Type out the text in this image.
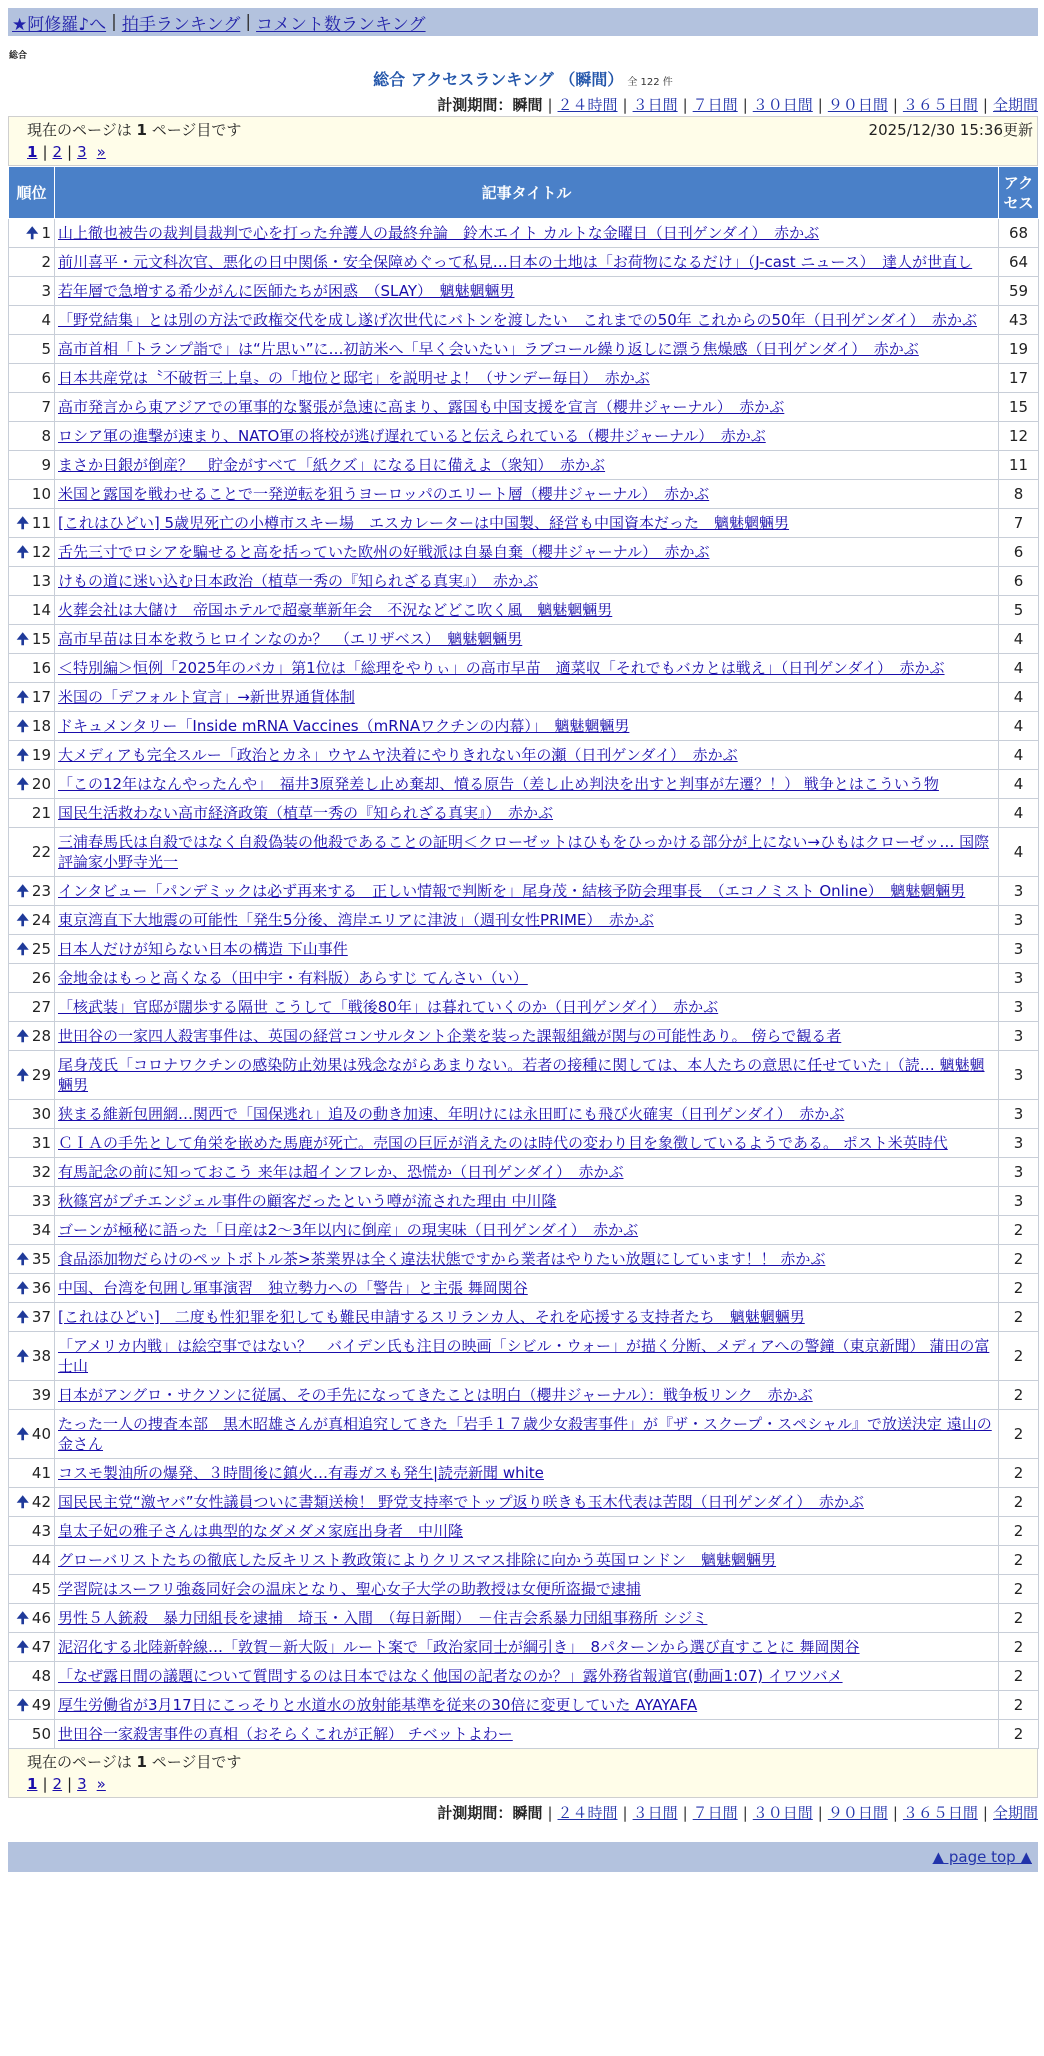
★阿修羅♪へ | 拍手ランキング | コメント数ランキング
総合
総合 アクセスランキング （瞬間） 全 122 件
計測期間：瞬間 | ２４時間 | ３日間 | ７日間 | ３０日間 | ９０日間 | ３６５日間 | 全期間
現在のページは 1 ページ目です	2025/12/30 15:36更新
1 | 2 | 3 »
順位	記事タイトル	アクセス
🠉 1	山上徹也被告の裁判員裁判で心を打った弁護人の最終弁論　鈴木エイト カルトな金曜日（日刊ゲンダイ）　赤かぶ	68
2	前川喜平・元文科次官、悪化の日中関係・安全保障めぐって私見…日本の土地は「お荷物になるだけ」（J-cast ニュース）　達人が世直し	64
3	若年層で急増する希少がんに医師たちが困惑　（SLAY）　魑魅魍魎男	59
4	「野党結集」とは別の方法で政権交代を成し遂げ次世代にバトンを渡したい　これまでの50年 これからの50年（日刊ゲンダイ）　赤かぶ	43
5	高市首相「トランプ詣で」は“片思い”に…初訪米へ「早く会いたい」ラブコール繰り返しに漂う焦燥感（日刊ゲンダイ）　赤かぶ	19
6	日本共産党は〝不破哲三上皇〟の「地位と邸宅」を説明せよ！（サンデー毎日）　赤かぶ	17
7	高市発言から東アジアでの軍事的な緊張が急速に高まり、露国も中国支援を宣言（櫻井ジャーナル）　赤かぶ	15
8	ロシア軍の進撃が速まり、NATO軍の将校が逃げ遅れていると伝えられている（櫻井ジャーナル）　赤かぶ	12
9	まさか日銀が倒産？　貯金がすべて「紙クズ」になる日に備えよ（衆知）　赤かぶ	11
10	米国と露国を戦わせることで一発逆転を狙うヨーロッパのエリート層（櫻井ジャーナル）　赤かぶ	8
🠉 11	[これはひどい] 5歳児死亡の小樽市スキー場　エスカレーターは中国製、経営も中国資本だった　魑魅魍魎男	7
🠉 12	舌先三寸でロシアを騙せると高を括っていた欧州の好戦派は自暴自棄（櫻井ジャーナル）　赤かぶ	6
13	けもの道に迷い込む日本政治（植草一秀の『知られざる真実』）　赤かぶ	6
14	火葬会社は大儲け　帝国ホテルで超豪華新年会　不況などどこ吹く風　魑魅魍魎男	5
🠉 15	高市早苗は日本を救うヒロインなのか？　（エリザベス）　魑魅魍魎男	4
16	＜特別編＞恒例「2025年のバカ」第1位は「総理をやりぃ」の高市早苗　適菜収「それでもバカとは戦え」（日刊ゲンダイ）　赤かぶ	4
🠉 17	米国の「デフォルト宣言」→新世界通貨体制	4
🠉 18	ドキュメンタリー「Inside mRNA Vaccines（mRNAワクチンの内幕）」　魑魅魍魎男	4
🠉 19	大メディアも完全スルー「政治とカネ」ウヤムヤ決着にやりきれない年の瀬（日刊ゲンダイ）　赤かぶ	4
🠉 20	「この12年はなんやったんや」　福井3原発差し止め棄却、憤る原告（差し止め判決を出すと判事が左遷？！） 戦争とはこういう物	4
21	国民生活救わない高市経済政策（植草一秀の『知られざる真実』）　赤かぶ	4
22	三浦春馬氏は自殺ではなく自殺偽装の他殺であることの証明＜クローゼットはひもをひっかける部分が上にない→ひもはクローゼッ… 国際評論家小野寺光一	4
🠉 23	インタビュー「パンデミックは必ず再来する　正しい情報で判断を」尾身茂・結核予防会理事長　（エコノミスト Online）　魑魅魍魎男	3
🠉 24	東京湾直下大地震の可能性「発生5分後、湾岸エリアに津波」（週刊女性PRIME）　赤かぶ	3
🠉 25	日本人だけが知らない日本の構造 下山事件	3
26	金地金はもっと高くなる（田中宇・有料版）あらすじ てんさい（い）	3
27	「核武装」官邸が闊歩する隔世 こうして「戦後80年」は暮れていくのか（日刊ゲンダイ）　赤かぶ	3
🠉 28	世田谷の一家四人殺害事件は、英国の経営コンサルタント企業を装った課報組織が関与の可能性あり。 傍らで観る者	3
🠉 29	尾身茂氏「コロナワクチンの感染防止効果は残念ながらあまりない。若者の接種に関しては、本人たちの意思に任せていた」（読… 魑魅魍魎男	3
30	狭まる維新包囲網…関西で「国保逃れ」追及の動き加速、年明けには永田町にも飛び火確実（日刊ゲンダイ）　赤かぶ	3
31	ＣＩＡの手先として角栄を嵌めた馬鹿が死亡。売国の巨匠が消えたのは時代の変わり目を象徴しているようである。 ポスト米英時代	3
32	有馬記念の前に知っておこう 来年は超インフレか、恐慌か（日刊ゲンダイ）　赤かぶ	3
33	秋篠宮がプチエンジェル事件の顧客だったという噂が流された理由 中川隆	3
34	ゴーンが極秘に語った「日産は2～3年以内に倒産」の現実味（日刊ゲンダイ）　赤かぶ	2
🠉 35	食品添加物だらけのペットボトル茶>茶業界は全く違法状態ですから業者はやりたい放題にしています！！ 赤かぶ	2
🠉 36	中国、台湾を包囲し軍事演習　独立勢力への「警告」と主張 舞岡関谷	2
🠉 37	[これはひどい]　二度も性犯罪を犯しても難民申請するスリランカ人、それを応援する支持者たち　魑魅魍魎男	2
🠉 38	「アメリカ内戦」は絵空事ではない？　バイデン氏も注目の映画「シビル・ウォー」が描く分断、メディアへの警鐘（東京新聞） 蒲田の富士山	2
39	日本がアングロ・サクソンに従属、その手先になってきたことは明白（櫻井ジャーナル）：戦争板リンク　赤かぶ	2
🠉 40	たった一人の捜査本部　黒木昭雄さんが真相追究してきた「岩手１７歳少女殺害事件」が『ザ・スクープ・スペシャル』で放送決定 遠山の金さん	2
41	コスモ製油所の爆発、３時間後に鎮火…有毒ガスも発生|読売新聞 white	2
🠉 42	国民民主党“激ヤバ”女性議員ついに書類送検！ 野党支持率でトップ返り咲きも玉木代表は苦悶（日刊ゲンダイ）　赤かぶ	2
43	皇太子妃の雅子さんは典型的なダメダメ家庭出身者　中川隆	2
44	グローバリストたちの徹底した反キリスト教政策によりクリスマス排除に向かう英国ロンドン　魑魅魍魎男	2
45	学習院はスーフリ強姦同好会の温床となり、聖心女子大学の助教授は女便所盗撮で逮捕	2
🠉 46	男性５人銃殺　暴力団組長を逮捕　埼玉・入間　（毎日新聞）　－住吉会系暴力団組事務所 シジミ	2
🠉 47	泥沼化する北陸新幹線…「敦賀－新大阪」ルート案で「政治家同士が綱引き」　8パターンから選び直すことに 舞岡関谷	2
48	「なぜ露日間の議題について質問するのは日本ではなく他国の記者なのか？」露外務省報道官(動画1:07) イワツバメ	2
🠉 49	厚生労働省が3月17日にこっそりと水道水の放射能基準を従来の30倍に変更していた AYAYAFA	2
50	世田谷一家殺害事件の真相（おそらくこれが正解） チベットよわー	2
現在のページは 1 ページ目です
1 | 2 | 3 »
計測期間：瞬間 | ２４時間 | ３日間 | ７日間 | ３０日間 | ９０日間 | ３６５日間 | 全期間
▲ page top ▲
